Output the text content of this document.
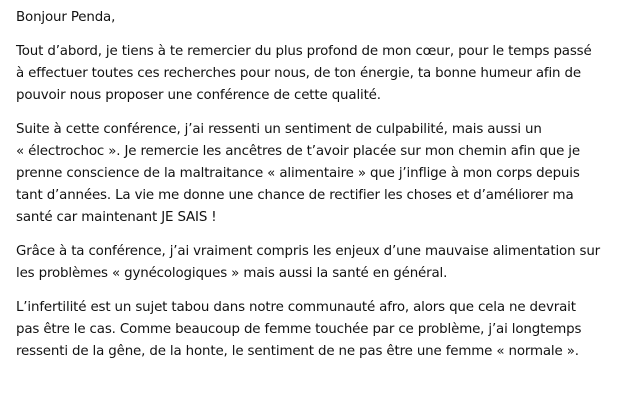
Bonjour Penda,
Tout d’abord, je tiens à te remercier du plus profond de mon cœur, pour le temps passé
à effectuer toutes ces recherches pour nous, de ton énergie, ta bonne humeur afin de
pouvoir nous proposer une conférence de cette qualité.
Suite à cette conférence, j’ai ressenti un sentiment de culpabilité, mais aussi un
« électrochoc ». Je remercie les ancêtres de t’avoir placée sur mon chemin afin que je
prenne conscience de la maltraitance « alimentaire » que j’inflige à mon corps depuis
tant d’années. La vie me donne une chance de rectifier les choses et d’améliorer ma
santé car maintenant JE SAIS !
Grâce à ta conférence, j’ai vraiment compris les enjeux d’une mauvaise alimentation sur
les problèmes « gynécologiques » mais aussi la santé en général.
L’infertilité est un sujet tabou dans notre communauté afro, alors que cela ne devrait
pas être le cas. Comme beaucoup de femme touchée par ce problème, j’ai longtemps
ressenti de la gêne, de la honte, le sentiment de ne pas être une femme « normale ».
